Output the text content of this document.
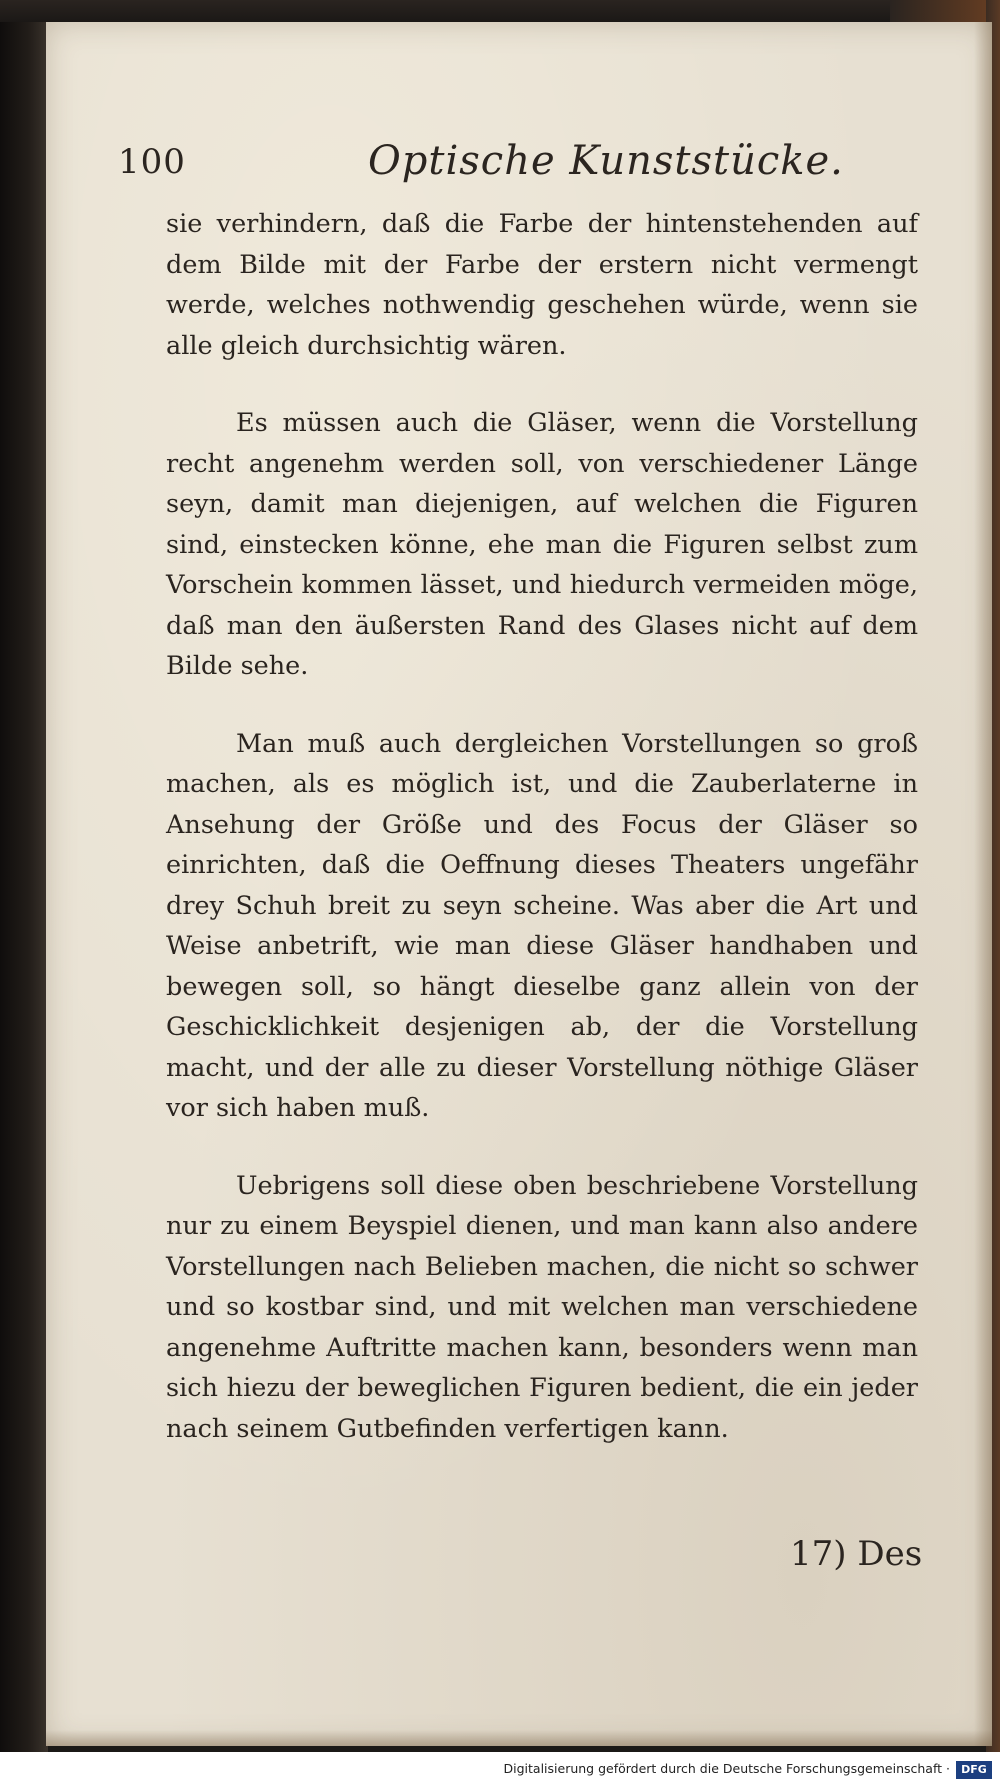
100	Optische Kunststücke.

sie verhindern, daß die Farbe der hintenstehenden auf dem Bilde mit der Farbe der erstern nicht vermengt werde, welches nothwendig geschehen würde, wenn sie alle gleich durchsichtig wären.

Es müssen auch die Gläser, wenn die Vorstellung recht angenehm werden soll, von verschiedener Länge seyn, damit man diejenigen, auf welchen die Figuren sind, einstecken könne, ehe man die Figuren selbst zum Vorschein kommen lässet, und hiedurch vermeiden möge, daß man den äußersten Rand des Glases nicht auf dem Bilde sehe.

Man muß auch dergleichen Vorstellungen so groß machen, als es möglich ist, und die Zauberlaterne in Ansehung der Größe und des Focus der Gläser so einrichten, daß die Oeffnung dieses Theaters ungefähr drey Schuh breit zu seyn scheine. Was aber die Art und Weise anbetrift, wie man diese Gläser handhaben und bewegen soll, so hängt dieselbe ganz allein von der Geschicklichkeit desjenigen ab, der die Vorstellung macht, und der alle zu dieser Vorstellung nöthige Gläser vor sich haben muß.

Uebrigens soll diese oben beschriebene Vorstellung nur zu einem Beyspiel dienen, und man kann also andere Vorstellungen nach Belieben machen, die nicht so schwer und so kostbar sind, und mit welchen man verschiedene angenehme Auftritte machen kann, besonders wenn man sich hiezu der beweglichen Figuren bedient, die ein jeder nach seinem Gutbefinden verfertigen kann.

17) Des
Digitalisierung gefördert durch die Deutsche Forschungsgemeinschaft ·	DFG
